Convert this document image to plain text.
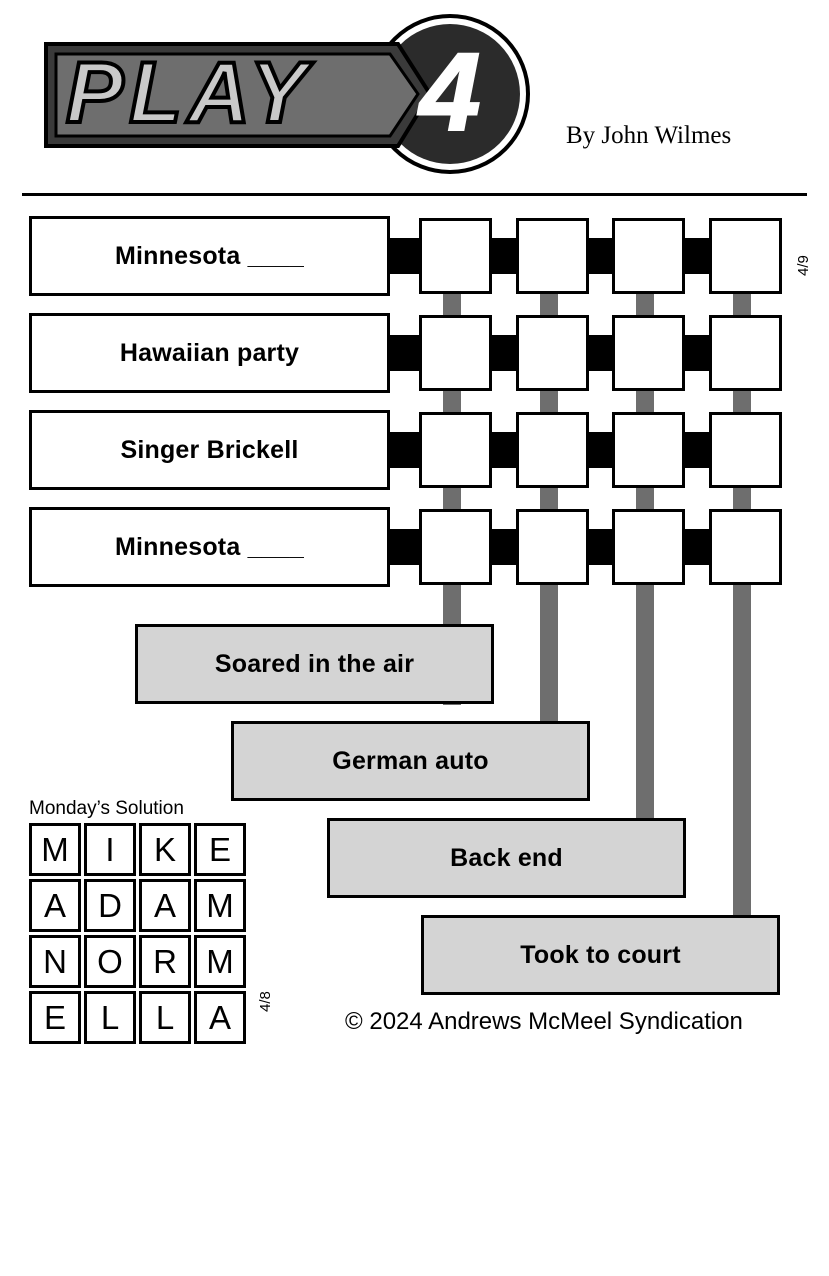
PLAY 4	By John Wilmes
Minnesota ____
Hawaiian party
Singer Brickell
Minnesota ____
4/9
Soared in the air
German auto
Back end
Took to court
Monday’s Solution
M	I	K E
A D A M
N O R M
E	L	L	A	4/8
© 2024 Andrews McMeel Syndication
